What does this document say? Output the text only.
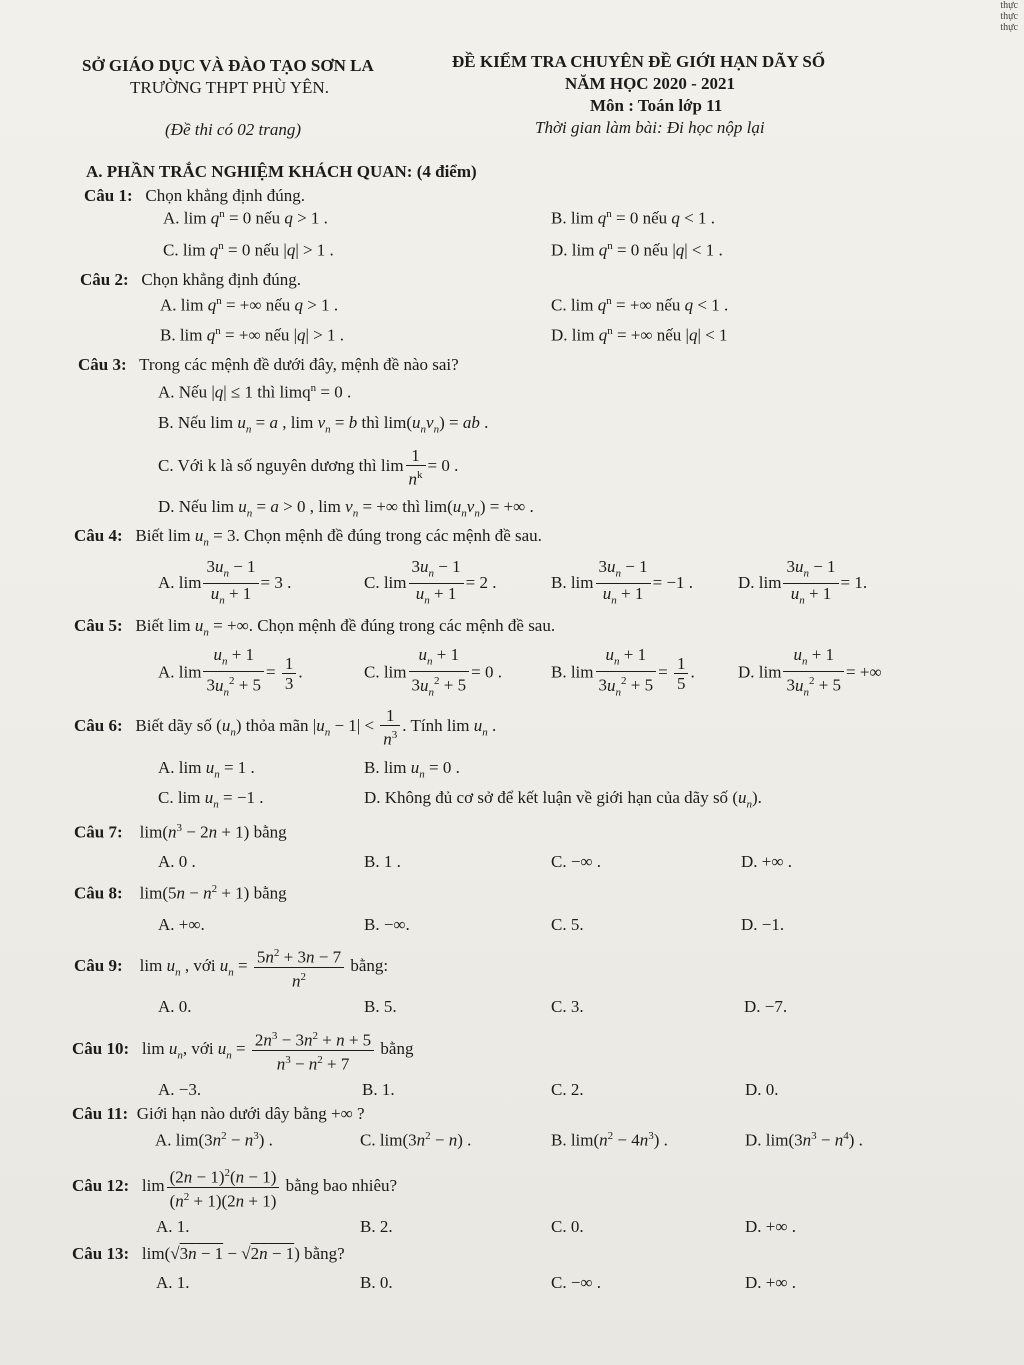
thực
thực
thực
SỞ GIÁO DỤC VÀ ĐÀO TẠO SƠN LA
TRƯỜNG THPT PHÙ YÊN.
(Đề thi có 02 trang)
ĐỀ KIỂM TRA CHUYÊN ĐỀ GIỚI HẠN DÃY SỐ
NĂM HỌC 2020 - 2021
Môn : Toán lớp 11
Thời gian làm bài: Đi học nộp lại
A. PHẦN TRẮC NGHIỆM KHÁCH QUAN: (4 điểm)
Câu 1: Chọn khẳng định đúng.
A. $\lim q^n = 0$ nếu q > 1 .	B. $\lim q^n = 0$ nếu q < 1 .
C. $\lim q^n = 0$ nếu |q| > 1 .	D. $\lim q^n = 0$ nếu |q| < 1 .
Câu 2: Chọn khẳng định đúng.
A. $\lim q^n$ = +∞ nếu q > 1 .	C. $\lim q^n$ = +∞ nếu q < 1 .
B. $\lim q^n$ = +∞ nếu |q| > 1 .	D. $\lim q^n$ = +∞ nếu |q| < 1
Câu 3: Trong các mệnh đề dưới đây, mệnh đề nào sai?
A. Nếu |q| ≤ 1 thì limq$^n$ = 0 .
B. Nếu $\lim u_n = a$ , $\lim v_n = b$ thì $\lim(u_nv_n)$ = ab .
C. Với k là số nguyên dương thì $\lim \frac{1}{n^k} = 0$ .
D. Nếu $\lim u_n = a > 0$ , $\lim v_n$ = +∞ thì $\lim(u_nv_n)$ = +∞ .
Câu 4:   Biết $\lim u_n = 3$. Chọn mệnh đề đúng trong các mệnh đề sau.
A. $\lim \frac{3u_n - 1}{u_n + 1} = 3$ .	C. $\lim \frac{3u_n - 1}{u_n + 1} = 2$ .	B. $\lim \frac{3u_n - 1}{u_n + 1} = -1$ .	D. $\lim \frac{3u_n - 1}{u_n + 1} = 1$.
Câu 5:   Biết $\lim u_n$ = +∞. Chọn mệnh đề đúng trong các mệnh đề sau.
A. $\lim \frac{u_n + 1}{3u_n^2 + 5} = \frac{1}{3}$ .	C. $\lim \frac{u_n + 1}{3u_n^2 + 5} = 0$ .	B. $\lim \frac{u_n + 1}{3u_n^2 + 5} = \frac{1}{5}$ .	D. $\lim \frac{u_n + 1}{3u_n^2 + 5}$ = +∞
Câu 6: Biết dãy số $(u_n)$ thỏa mãn $|u_n - 1| < \frac{1}{n^3}$ . Tính $\lim u_n$ .
A. $\lim u_n = 1$ .	B. $\lim u_n = 0$ .
C. $\lim u_n = -1$ .	D. Không đủ cơ sở để kết luận về giới hạn của dãy số $(u_n)$.
Câu 7:    $\lim(n^3 - 2n + 1)$ bằng
A. 0 .	B. 1 .	C. −∞ .	D. +∞ .
Câu 8:    $\lim(5n - n^2 + 1)$ bằng
A. +∞.	B. −∞.	C. 5.	D. −1.
Câu 9:    $\lim u_n$ , với $u_n = \frac{5n^2 + 3n - 7}{n^2}$ bằng:
A. 0.	B. 5.	C. 3.	D. −7.
Câu 10:   $\lim u_n$, với $u_n = \frac{2n^3 - 3n^2 + n + 5}{n^3 - n^2 + 7}$ bằng
A. −3.	B. 1.	C. 2.	D. 0.
Câu 11: Giới hạn nào dưới dây bằng +∞ ?
A. $\lim(3n^2 - n^3)$ .	C. $\lim(3n^2 - n)$ .	B. $\lim(n^2 - 4n^3)$ .	D. $\lim(3n^3 - n^4)$ .
Câu 12:   $\lim \frac{(2n - 1)^2(n - 1)}{(n^2 + 1)(2n + 1)}$ bằng bao nhiêu?
A. 1.	B. 2.	C. 0.	D. +∞ .
Câu 13:   lim(√3n − 1 − √2n − 1) bằng?
A. 1.	B. 0.	C. −∞ .	D. +∞ .
